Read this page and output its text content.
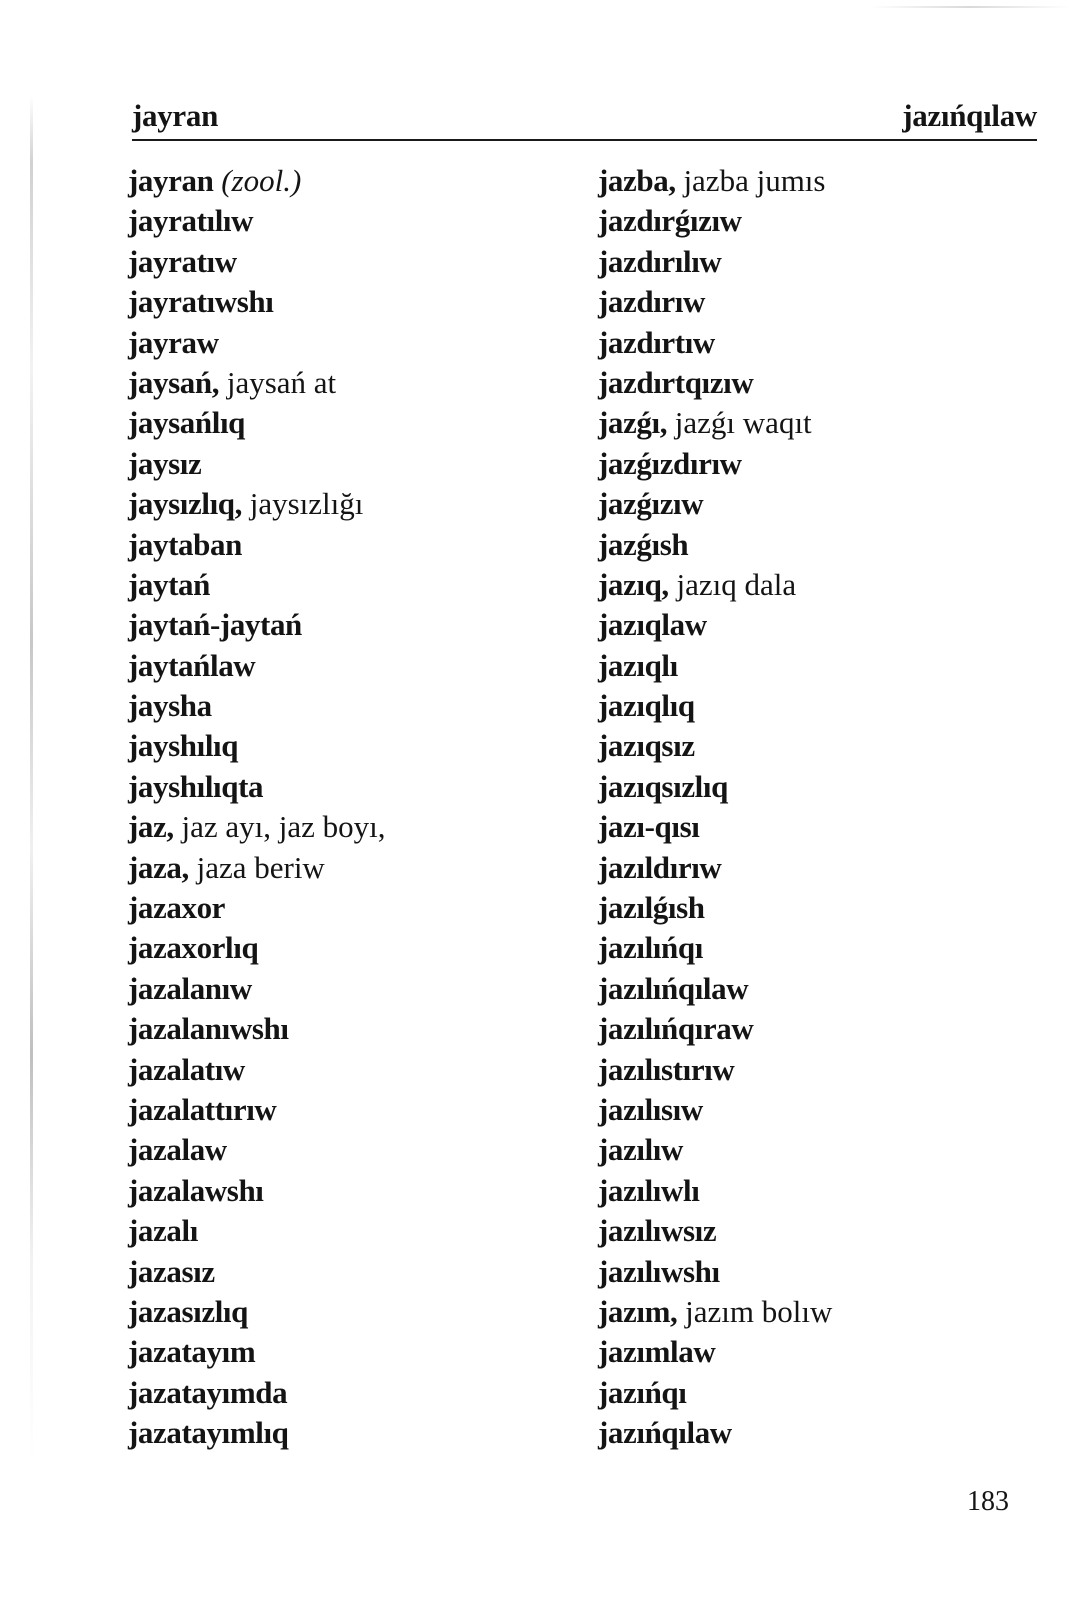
jayran	jazıńqılaw
jayran (zool.)
jayratılıw
jayratıw
jayratıwshı
jayraw
jaysań, jaysań at
jaysańlıq
jaysız
jaysızlıq, jaysızlığı
jaytaban
jaytań
jaytań-jaytań
jaytańlaw
jaysha
jayshılıq
jayshılıqta
jaz, jaz ayı, jaz boyı,
jaza, jaza beriw
jazaxor
jazaxorlıq
jazalanıw
jazalanıwshı
jazalatıw
jazalattırıw
jazalaw
jazalawshı
jazalı
jazasız
jazasızlıq
jazatayım
jazatayımda
jazatayımlıq
jazba, jazba jumıs
jazdırǵızıw
jazdırılıw
jazdırıw
jazdırtıw
jazdırtqızıw
jazǵı, jazǵı waqıt
jazǵızdırıw
jazǵızıw
jazǵısh
jazıq, jazıq dala
jazıqlaw
jazıqlı
jazıqlıq
jazıqsız
jazıqsızlıq
jazı-qısı
jazıldırıw
jazılǵısh
jazılıńqı
jazılıńqılaw
jazılıńqıraw
jazılıstırıw
jazılısıw
jazılıw
jazılıwlı
jazılıwsız
jazılıwshı
jazım, jazım bolıw
jazımlaw
jazıńqı
jazıńqılaw
183
